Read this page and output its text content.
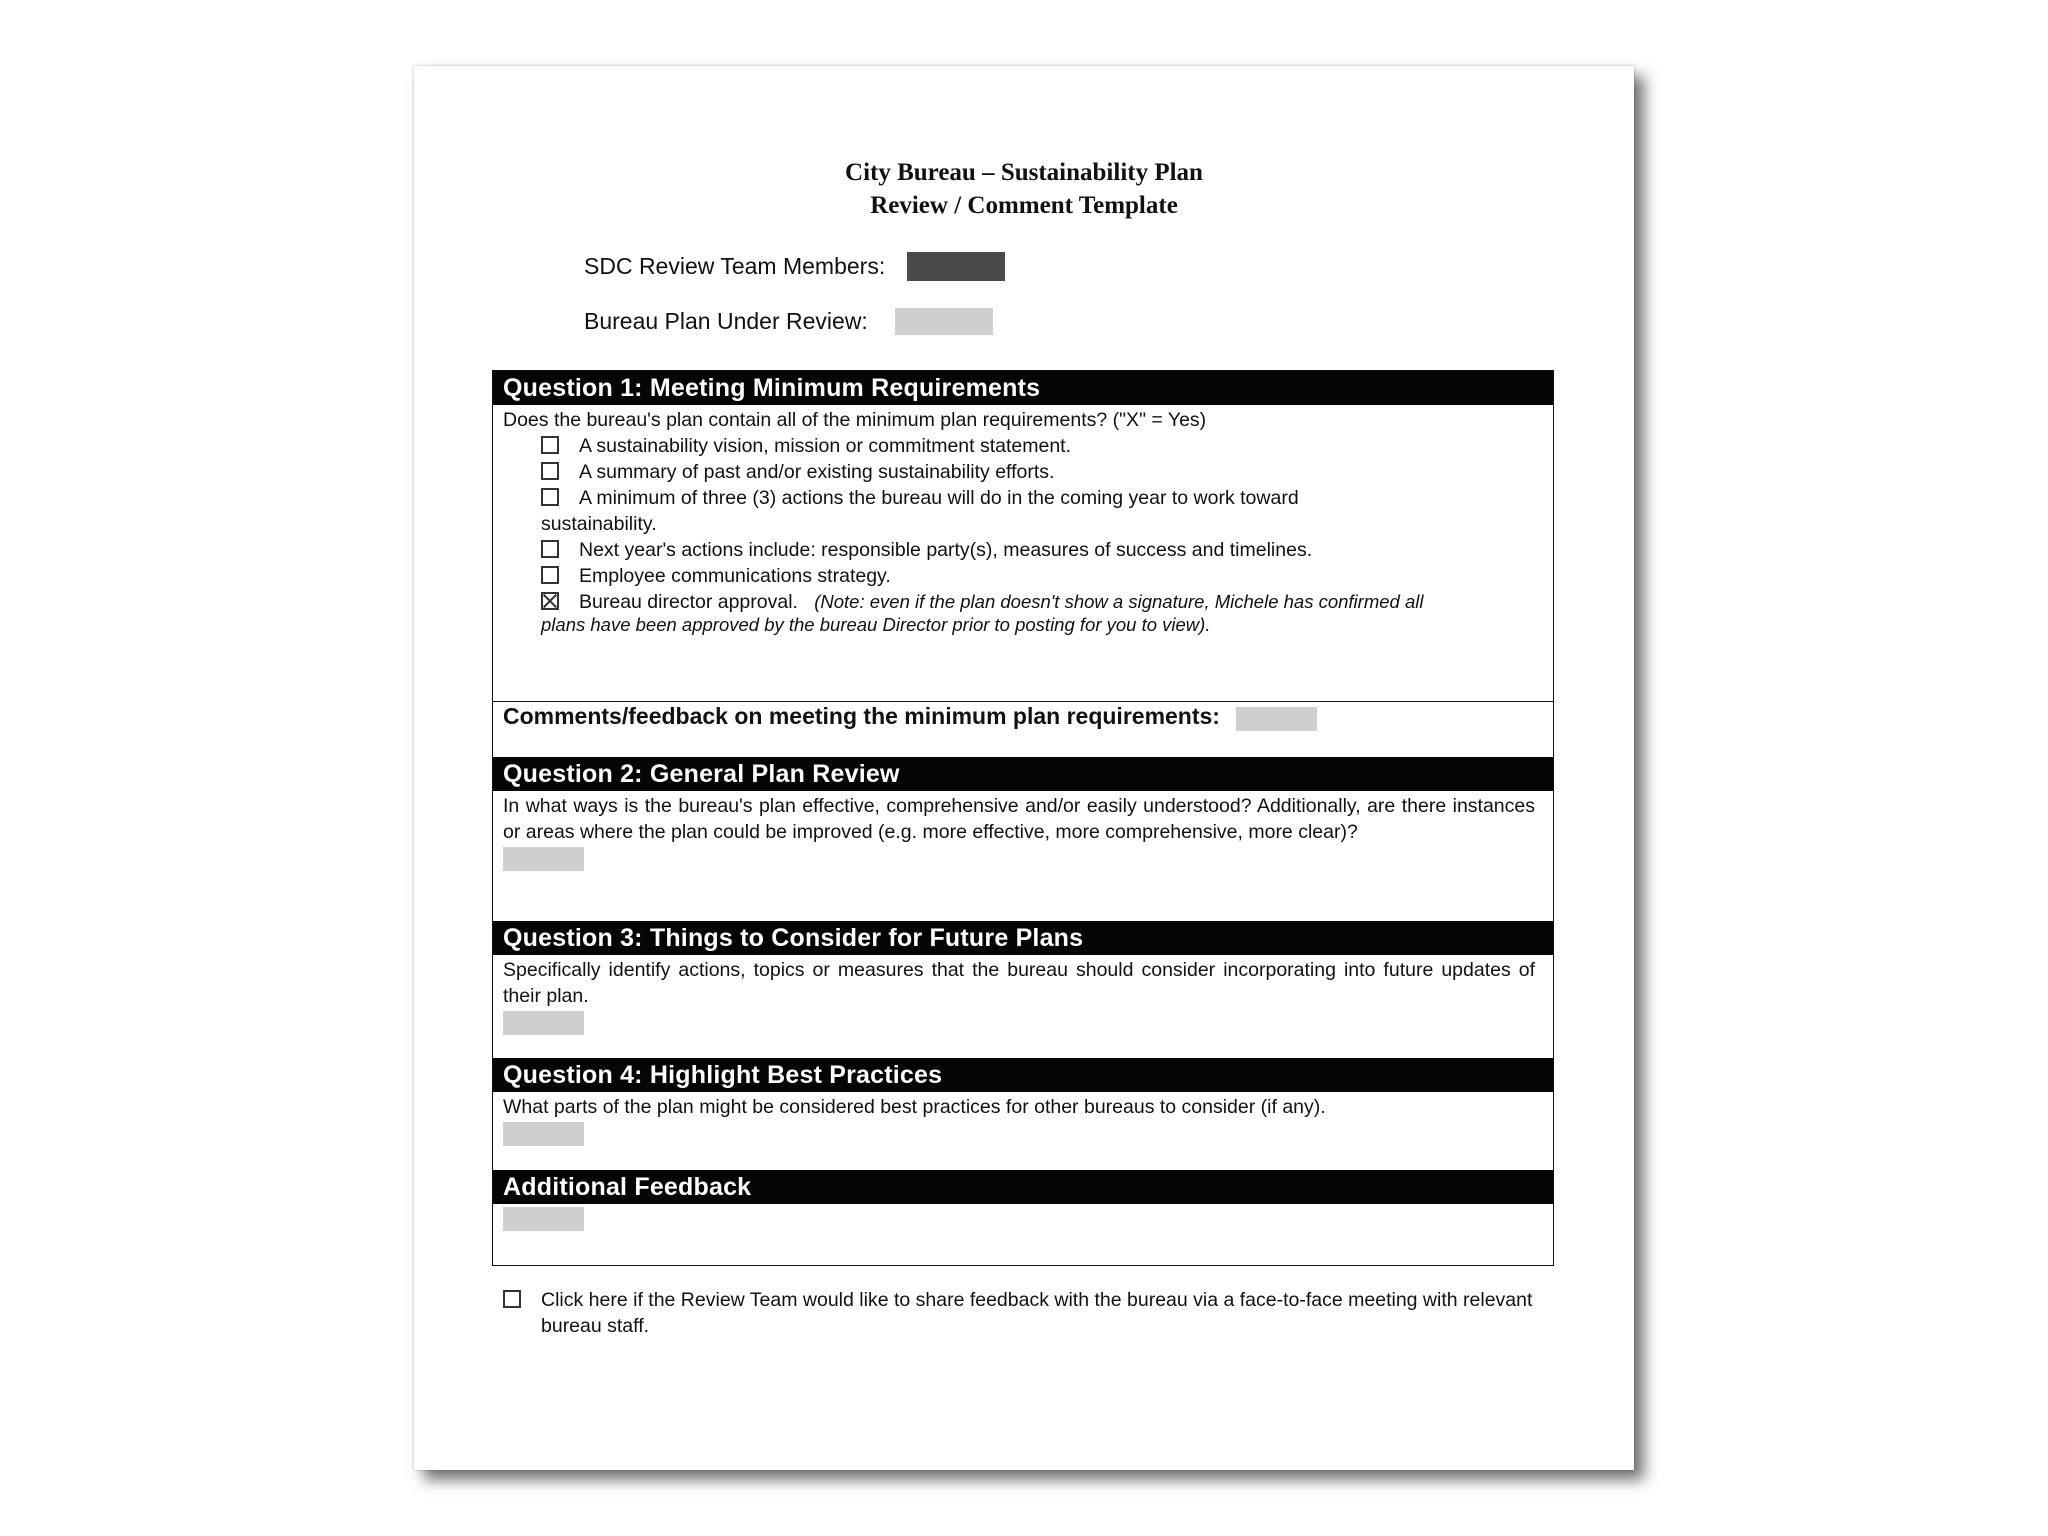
City Bureau – Sustainability Plan
Review / Comment Template
SDC Review Team Members:
Bureau Plan Under Review:
Question 1: Meeting Minimum Requirements
Does the bureau's plan contain all of the minimum plan requirements? ("X" = Yes)
A sustainability vision, mission or commitment statement.
A summary of past and/or existing sustainability efforts.
A minimum of three (3) actions the bureau will do in the coming year to work toward
sustainability.
Next year's actions include: responsible party(s), measures of success and timelines.
Employee communications strategy.
Bureau director approval. (Note: even if the plan doesn't show a signature, Michele has confirmed all
plans have been approved by the bureau Director prior to posting for you to view).
Comments/feedback on meeting the minimum plan requirements:
Question 2: General Plan Review
In what ways is the bureau's plan effective, comprehensive and/or easily understood? Additionally, are there instances or areas where the plan could be improved (e.g. more effective, more comprehensive, more clear)?
Question 3: Things to Consider for Future Plans
Specifically identify actions, topics or measures that the bureau should consider incorporating into future updates of their plan.
Question 4: Highlight Best Practices
What parts of the plan might be considered best practices for other bureaus to consider (if any).
Additional Feedback
Click here if the Review Team would like to share feedback with the bureau via a face-to-face meeting with relevant bureau staff.
